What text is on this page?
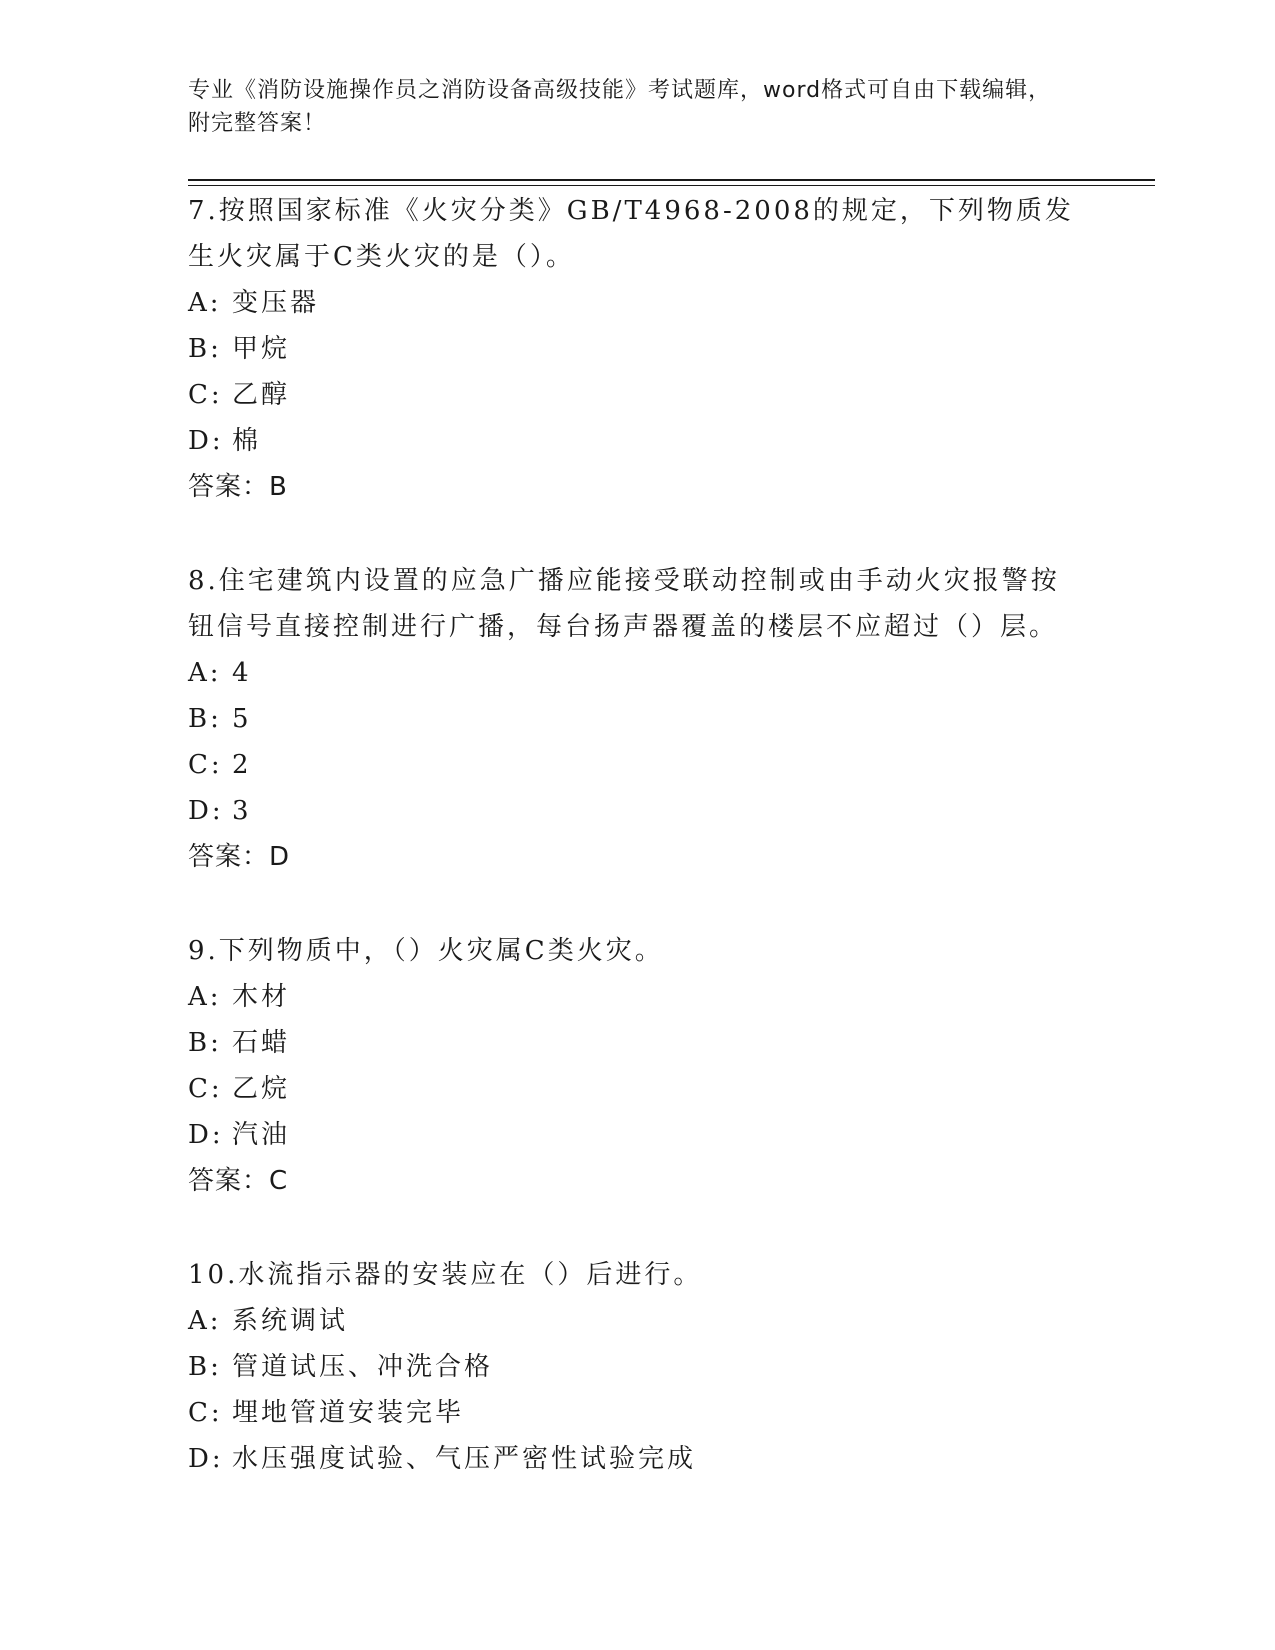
专业《消防设施操作员之消防设备高级技能》考试题库，word格式可自由下载编辑，附完整答案！
7.按照国家标准《火灾分类》GB/T4968-2008的规定，下列物质发生火灾属于C类火灾的是（）。
A: 变压器
B: 甲烷
C: 乙醇
D: 棉
答案：B
8.住宅建筑内设置的应急广播应能接受联动控制或由手动火灾报警按钮信号直接控制进行广播，每台扬声器覆盖的楼层不应超过（）层。
A: 4
B: 5
C: 2
D: 3
答案：D
9.下列物质中，（）火灾属C类火灾。
A: 木材
B: 石蜡
C: 乙烷
D: 汽油
答案：C
10.水流指示器的安装应在（）后进行。
A: 系统调试
B: 管道试压、冲洗合格
C: 埋地管道安装完毕
D: 水压强度试验、气压严密性试验完成
